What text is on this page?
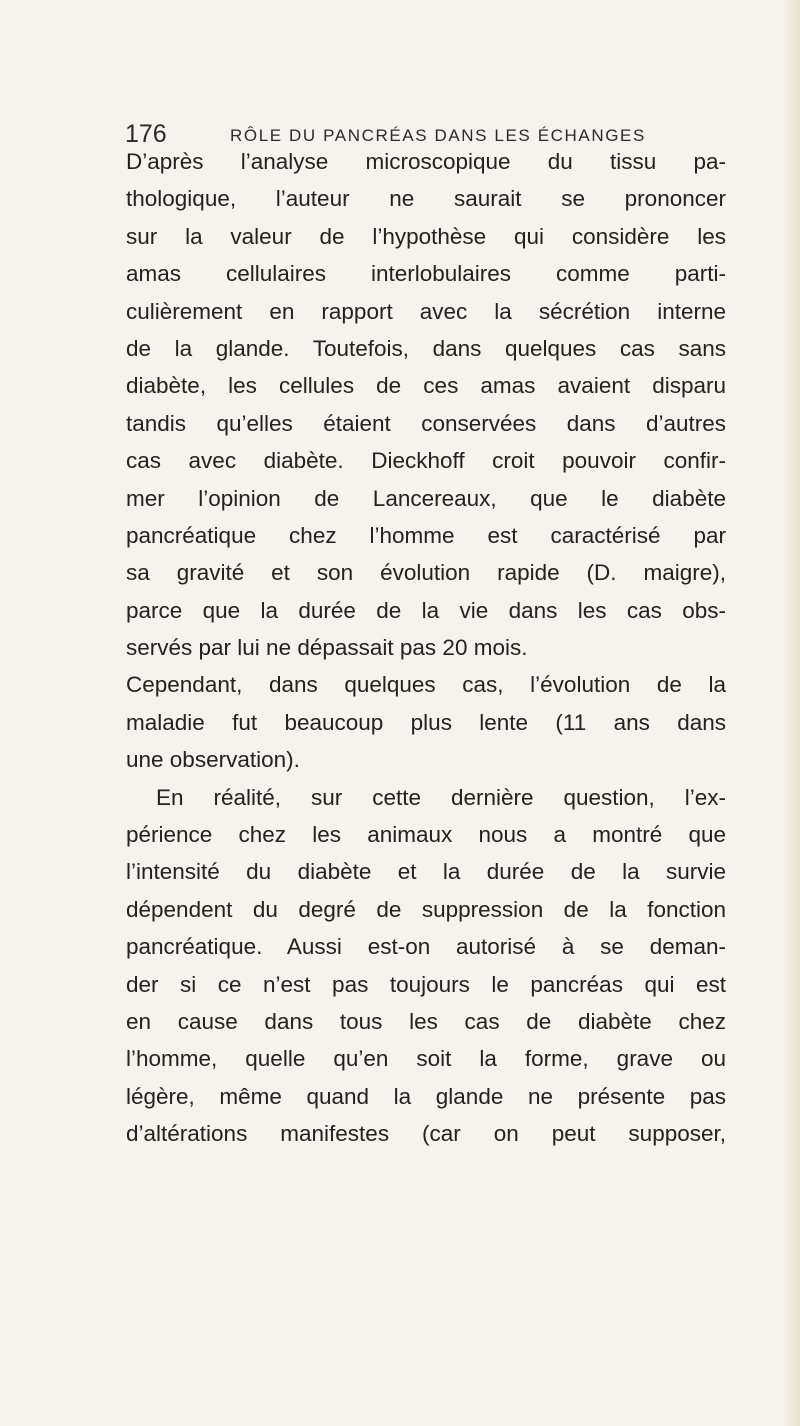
176	RÔLE DU PANCRÉAS DANS LES ÉCHANGES
D’après l’analyse microscopique du tissu pa-
thologique, l’auteur ne saurait se prononcer
sur la valeur de l’hypothèse qui considère les
amas cellulaires interlobulaires comme parti-
culièrement en rapport avec la sécrétion interne
de la glande. Toutefois, dans quelques cas sans
diabète, les cellules de ces amas avaient disparu
tandis qu’elles étaient conservées dans d’autres
cas avec diabète. Dieckhoff croit pouvoir confir-
mer l’opinion de Lancereaux, que le diabète
pancréatique chez l’homme est caractérisé par
sa gravité et son évolution rapide (D. maigre),
parce que la durée de la vie dans les cas obs-
servés par lui ne dépassait pas 20 mois.
Cependant, dans quelques cas, l’évolution de la
maladie fut beaucoup plus lente (11 ans dans
une observation).
En réalité, sur cette dernière question, l’ex-
périence chez les animaux nous a montré que
l’intensité du diabète et la durée de la survie
dépendent du degré de suppression de la fonction
pancréatique. Aussi est-on autorisé à se deman-
der si ce n’est pas toujours le pancréas qui est
en cause dans tous les cas de diabète chez
l’homme, quelle qu’en soit la forme, grave ou
légère, même quand la glande ne présente pas
d’altérations manifestes (car on peut supposer,
